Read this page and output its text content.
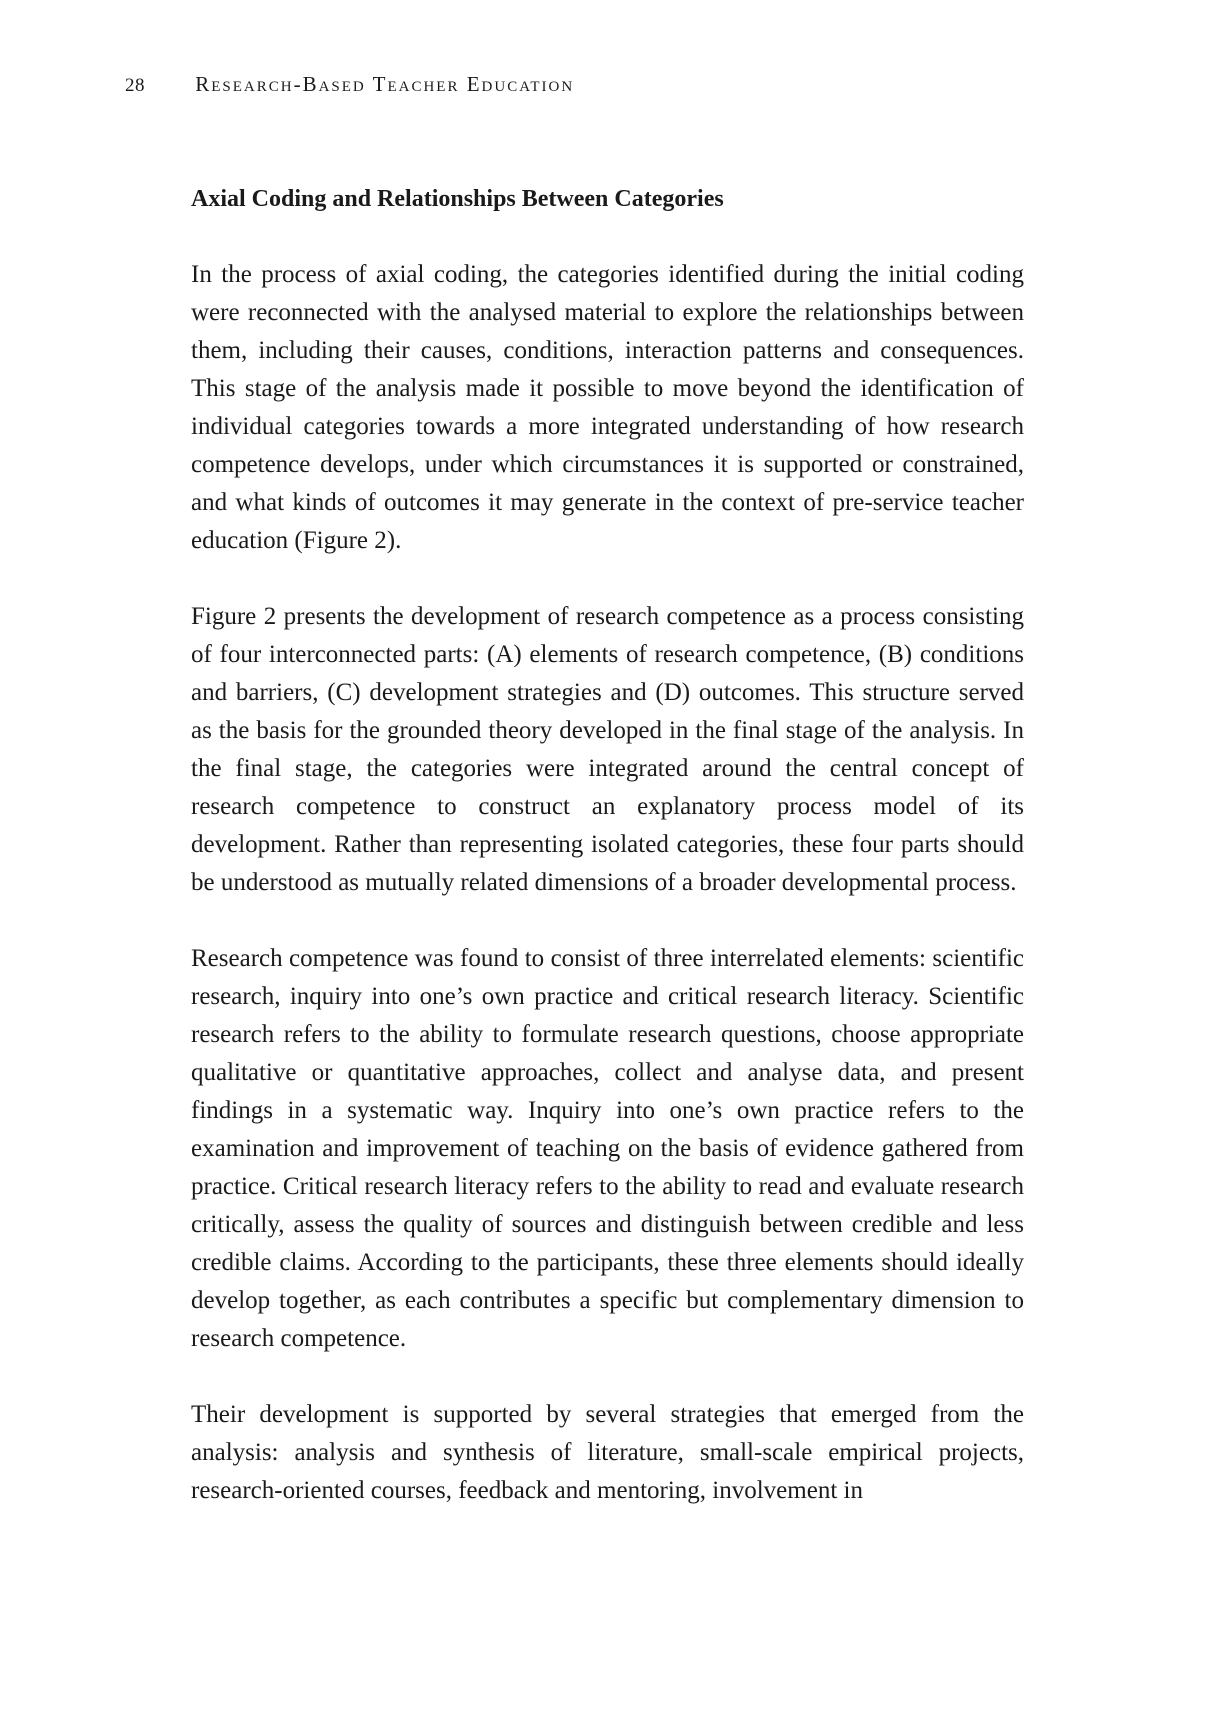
28 Research-Based Teacher Education
Axial Coding and Relationships Between Categories

In the process of axial coding, the categories identified during the initial coding were reconnected with the analysed material to explore the relationships between them, including their causes, conditions, interaction patterns and consequences. This stage of the analysis made it possible to move beyond the identification of individual categories towards a more integrated understanding of how research competence develops, under which circumstances it is supported or constrained, and what kinds of outcomes it may generate in the context of pre-service teacher education (Figure 2).

Figure 2 presents the development of research competence as a process consisting of four interconnected parts: (A) elements of research competence, (B) conditions and barriers, (C) development strategies and (D) outcomes. This structure served as the basis for the grounded theory developed in the final stage of the analysis. In the final stage, the categories were integrated around the central concept of research competence to construct an explanatory process model of its development. Rather than representing isolated categories, these four parts should be understood as mutually related dimensions of a broader developmental process.

Research competence was found to consist of three interrelated elements: scientific research, inquiry into one’s own practice and critical research literacy. Scientific research refers to the ability to formulate research questions, choose appropriate qualitative or quantitative approaches, collect and analyse data, and present findings in a systematic way. Inquiry into one’s own practice refers to the examination and improvement of teaching on the basis of evidence gathered from practice. Critical research literacy refers to the ability to read and evaluate research critically, assess the quality of sources and distinguish between credible and less credible claims. According to the participants, these three elements should ideally develop together, as each contributes a specific but complementary dimension to research competence.

Their development is supported by several strategies that emerged from the analysis: analysis and synthesis of literature, small-scale empirical projects, research-oriented courses, feedback and mentoring, involvement in
